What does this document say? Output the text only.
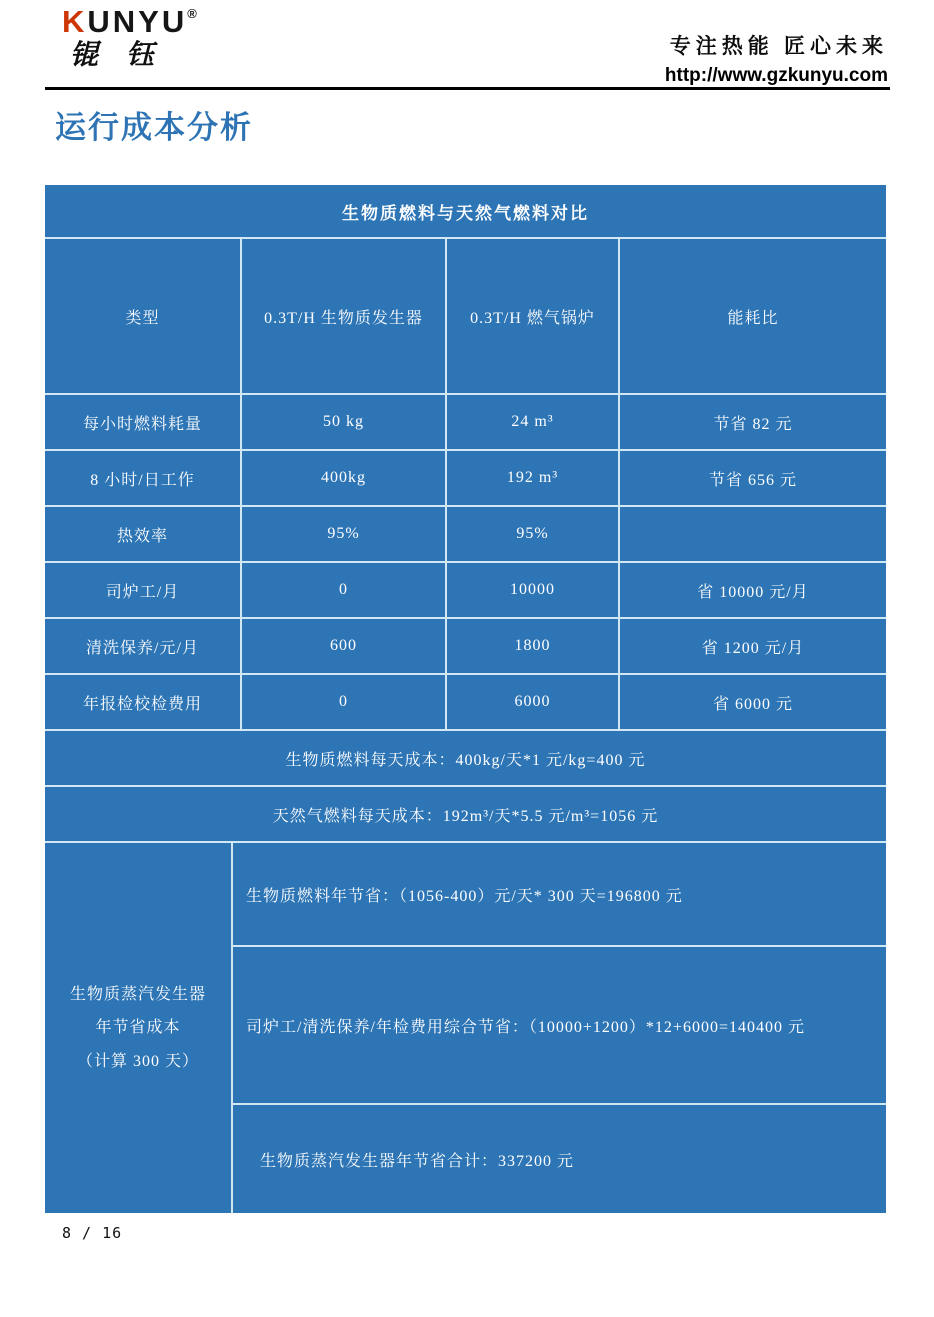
KUNYU®
锟钰	专注热能 匠心未来
http://www.gzkunyu.com
运行成本分析
生物质燃料与天然气燃料对比
类型	0.3T/H 生物质发生器	0.3T/H 燃气锅炉	能耗比
每小时燃料耗量	50 kg	24 m³	节省 82 元
8 小时/日工作	400kg	192 m³	节省 656 元
热效率	95%	95%
司炉工/月	0	10000	省 10000 元/月
清洗保养/元/月	600	1800	省 1200 元/月
年报检校检费用	0	6000	省 6000 元
生物质燃料每天成本：400kg/天*1 元/kg=400 元
天然气燃料每天成本：192m³/天*5.5 元/m³=1056 元
生物质蒸汽发生器
年节省成本
（计算 300 天）
生物质燃料年节省：（1056-400）元/天* 300 天=196800 元
司炉工/清洗保养/年检费用综合节省：（10000+1200）*12+6000=140400 元
生物质蒸汽发生器年节省合计：337200 元
8 / 16
